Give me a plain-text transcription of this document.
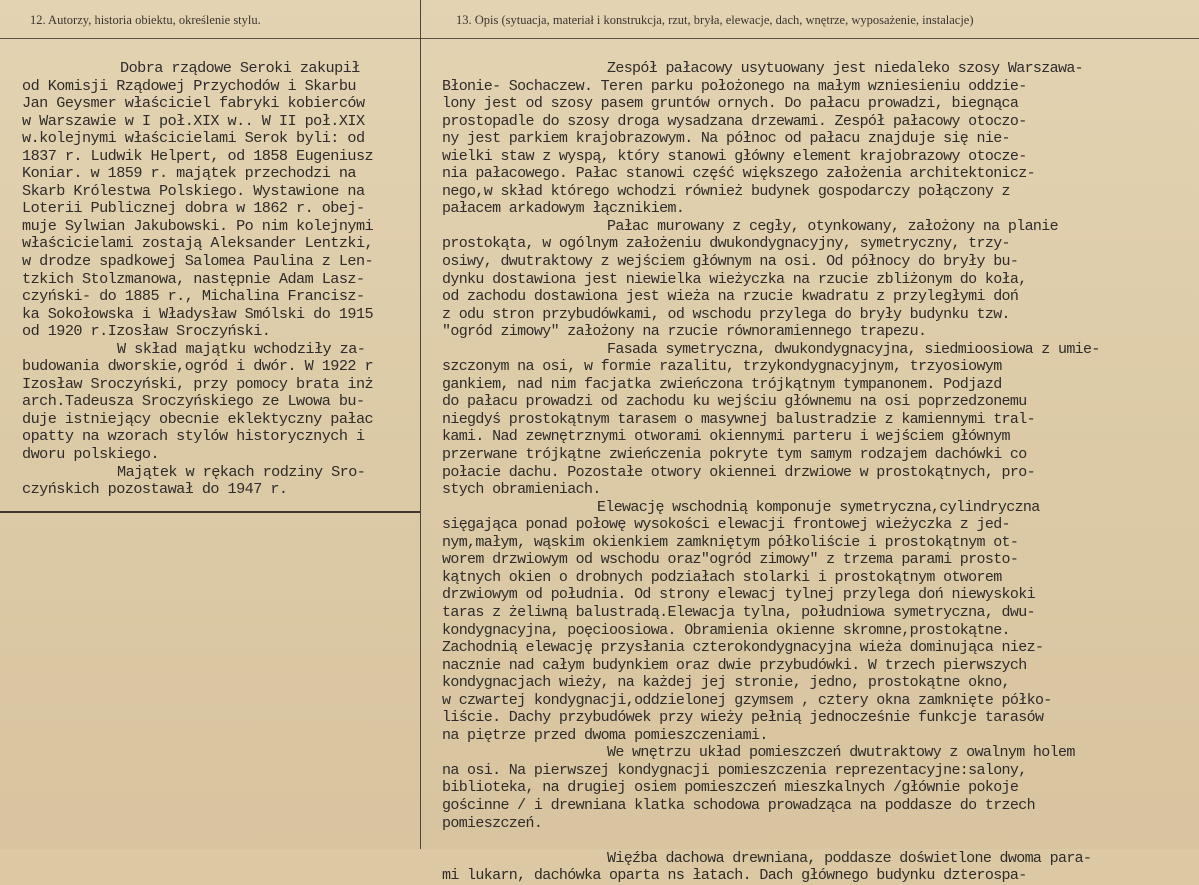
12. Autorzy, historia obiektu, określenie stylu.	13. Opis (sytuacja, materiał i konstrukcja, rzut, bryła, elewacje, dach, wnętrze, wyposażenie, instalacje)
Dobra rządowe Seroki zakupił
od Komisji Rządowej Przychodów i Skarbu
Jan Geysmer właściciel fabryki kobierców
w Warszawie w I poł.XIX w.. W II poł.XIX
w.kolejnymi właścicielami Serok byli: od
1837 r. Ludwik Helpert, od 1858 Eugeniusz
Koniar. w 1859 r. majątek przechodzi na
Skarb Królestwa Polskiego. Wystawione na
Loterii Publicznej dobra w 1862 r. obej-
muje Sylwian Jakubowski. Po nim kolejnymi
właścicielami zostają Aleksander Lentzki,
w drodze spadkowej Salomea Paulina z Len-
tzkich Stolzmanowa, następnie Adam Lasz-
czyński- do 1885 r., Michalina Francisz-
ka Sokołowska i Władysław Smólski do 1915
od 1920 r.Izosław Sroczyński.
W skład majątku wchodziły za-
budowania dworskie,ogród i dwór. W 1922 r
Izosław Sroczyński, przy pomocy brata inż
arch.Tadeusza Sroczyńskiego ze Lwowa bu-
duje istniejący obecnie eklektyczny pałac
opatty na wzorach stylów historycznych i
dworu polskiego.
Majątek w rękach rodziny Sro-
czyńskich pozostawał do 1947 r.
Zespół pałacowy usytuowany jest niedaleko szosy Warszawa-
Błonie- Sochaczew. Teren parku położonego na małym wzniesieniu oddzie-
lony jest od szosy pasem gruntów ornych. Do pałacu prowadzi, biegnąca
prostopadle do szosy droga wysadzana drzewami. Zespół pałacowy otoczo-
ny jest parkiem krajobrazowym. Na północ od pałacu znajduje się nie-
wielki staw z wyspą, który stanowi główny element krajobrazowy otocze-
nia pałacowego. Pałac stanowi część większego założenia architektonicz-
nego,w skład którego wchodzi również budynek gospodarczy połączony z
pałacem arkadowym łącznikiem.
Pałac murowany z cegły, otynkowany, założony na planie
prostokąta, w ogólnym założeniu dwukondygnacyjny, symetryczny, trzy-
osiwy, dwutraktowy z wejściem głównym na osi. Od północy do bryły bu-
dynku dostawiona jest niewielka wieżyczka na rzucie zbliżonym do koła,
od zachodu dostawiona jest wieża na rzucie kwadratu z przyległymi doń
z odu stron przybudówkami, od wschodu przylega do bryły budynku tzw.
"ogród zimowy" założony na rzucie równoramiennego trapezu.
Fasada symetryczna, dwukondygnacyjna, siedmioosiowa z umie-
szczonym na osi, w formie razalitu, trzykondygnacyjnym, trzyosiowym
gankiem, nad nim facjatka zwieńczona trójkątnym tympanonem. Podjazd
do pałacu prowadzi od zachodu ku wejściu głównemu na osi poprzedzonemu
niegdyś prostokątnym tarasem o masywnej balustradzie z kamiennymi tral-
kami. Nad zewnętrznymi otworami okiennymi parteru i wejściem głównym
przerwane trójkątne zwieńczenia pokryte tym samym rodzajem dachówki co
połacie dachu. Pozostałe otwory okiennei drzwiowe w prostokątnych, pro-
stych obramieniach.
Elewację wschodnią komponuje symetryczna,cylindryczna
sięgająca ponad połowę wysokości elewacji frontowej wieżyczka z jed-
nym,małym, wąskim okienkiem zamkniętym półkoliście i prostokątnym ot-
worem drzwiowym od wschodu oraz"ogród zimowy" z trzema parami prosto-
kątnych okien o drobnych podziałach stolarki i prostokątnym otworem
drzwiowym od południa. Od strony elewacj tylnej przylega doń niewyskoki
taras z żeliwną balustradą.Elewacja tylna, południowa symetryczna, dwu-
kondygnacyjna, poęcioosiowa. Obramienia okienne skromne,prostokątne.
Zachodnią elewację przysłania czterokondygnacyjna wieża dominująca niez-
nacznie nad całym budynkiem oraz dwie przybudówki. W trzech pierwszych
kondygnacjach wieży, na każdej jej stronie, jedno, prostokątne okno,
w czwartej kondygnacji,oddzielonej gzymsem , cztery okna zamknięte półko-
liście. Dachy przybudówek przy wieży pełnią jednocześnie funkcje tarasów
na piętrze przed dwoma pomieszczeniami.
We wnętrzu układ pomieszczeń dwutraktowy z owalnym holem
na osi. Na pierwszej kondygnacji pomieszczenia reprezentacyjne:salony,
biblioteka, na drugiej osiem pomieszczeń mieszkalnych /głównie pokoje
gościnne / i drewniana klatka schodowa prowadząca na poddasze do trzech
pomieszczeń.
Więźba dachowa drewniana, poddasze doświetlone dwoma para-
mi lukarn, dachówka oparta ns łatach. Dach głównego budynku dzterospa-
